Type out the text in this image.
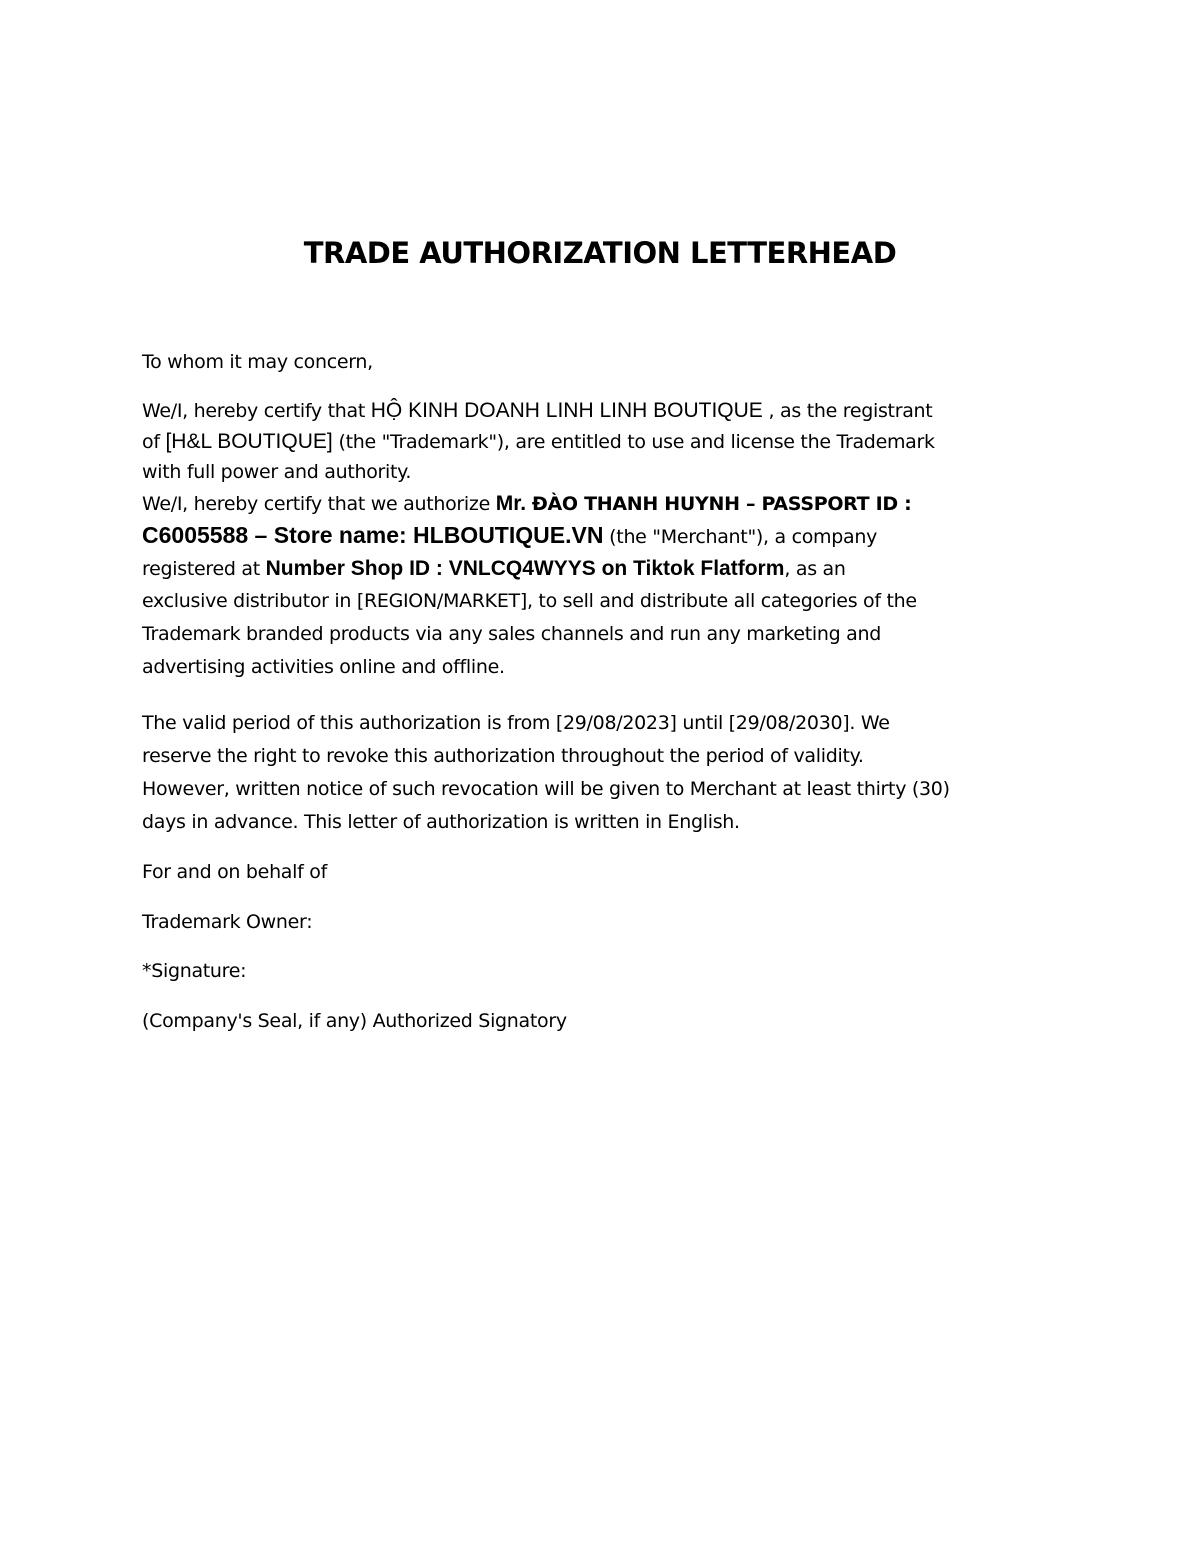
TRADE AUTHORIZATION LETTERHEAD

To whom it may concern,

We/I, hereby certify that HỘ KINH DOANH LINH LINH BOUTIQUE , as the registrant
of [H&L BOUTIQUE] (the "Trademark"), are entitled to use and license the Trademark
with full power and authority.
We/I, hereby certify that we authorize Mr. ĐÀO THANH HUYNH – PASSPORT ID :
C6005588 – Store name: HLBOUTIQUE.VN (the "Merchant"), a company
registered at Number Shop ID : VNLCQ4WYYS on Tiktok Flatform, as an
exclusive distributor in [REGION/MARKET], to sell and distribute all categories of the
Trademark branded products via any sales channels and run any marketing and
advertising activities online and offline.
The valid period of this authorization is from [29/08/2023] until [29/08/2030]. We
reserve the right to revoke this authorization throughout the period of validity.
However, written notice of such revocation will be given to Merchant at least thirty (30)
days in advance. This letter of authorization is written in English.

For and on behalf of

Trademark Owner:

*Signature:

(Company's Seal, if any) Authorized Signatory
